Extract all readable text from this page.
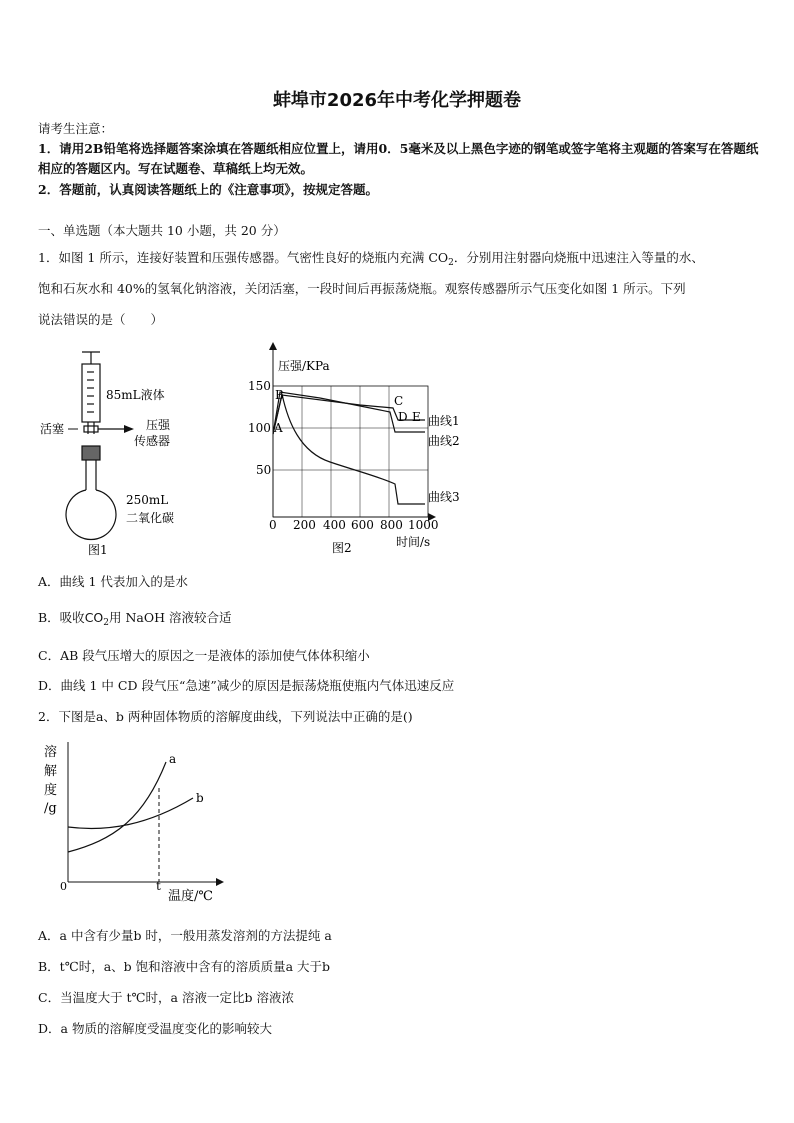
蚌埠市2026年中考化学押题卷
请考生注意：
1．请用2B铅笔将选择题答案涂填在答题纸相应位置上，请用0．5毫米及以上黑色字迹的钢笔或签字笔将主观题的答案写在答题纸相应的答题区内。写在试题卷、草稿纸上均无效。
2．答题前，认真阅读答题纸上的《注意事项》，按规定答题。
一、单选题（本大题共 10 小题，共 20 分）
1．如图 1 所示，连接好装置和压强传感器。气密性良好的烧瓶内充满 $CO_2$．分别用注射器向烧瓶中迅速注入等量的水、
饱和石灰水和 40%的氢氧化钠溶液，关闭活塞，一段时间后再振荡烧瓶。观察传感器所示气压变化如图 1 所示。下列
说法错误的是（　　）
85mL液体
活塞	压强
传感器
250mL
二氧化碳
图1
压强/KPa
150
100
50
0 200 400 600 800 1000
时间/s
A
B	C
D E 曲线1
曲线2
曲线3
图2
A．曲线 1 代表加入的是水
B．吸收$CO_2$用 NaOH 溶液较合适
C．AB 段气压增大的原因之一是液体的添加使气体体积缩小
D．曲线 1 中 CD 段气压“急速”减少的原因是振荡烧瓶使瓶内气体迅速反应
2．下图是a、b 两种固体物质的溶解度曲线，下列说法中正确的是()
溶
解
度
/g
0	t
温度/℃
a
b
A．a 中含有少量b 时，一般用蒸发溶剂的方法提纯 a
B．t℃时，a、b 饱和溶液中含有的溶质质量a 大于b
C．当温度大于 t℃时，a 溶液一定比b 溶液浓
D．a 物质的溶解度受温度变化的影响较大
